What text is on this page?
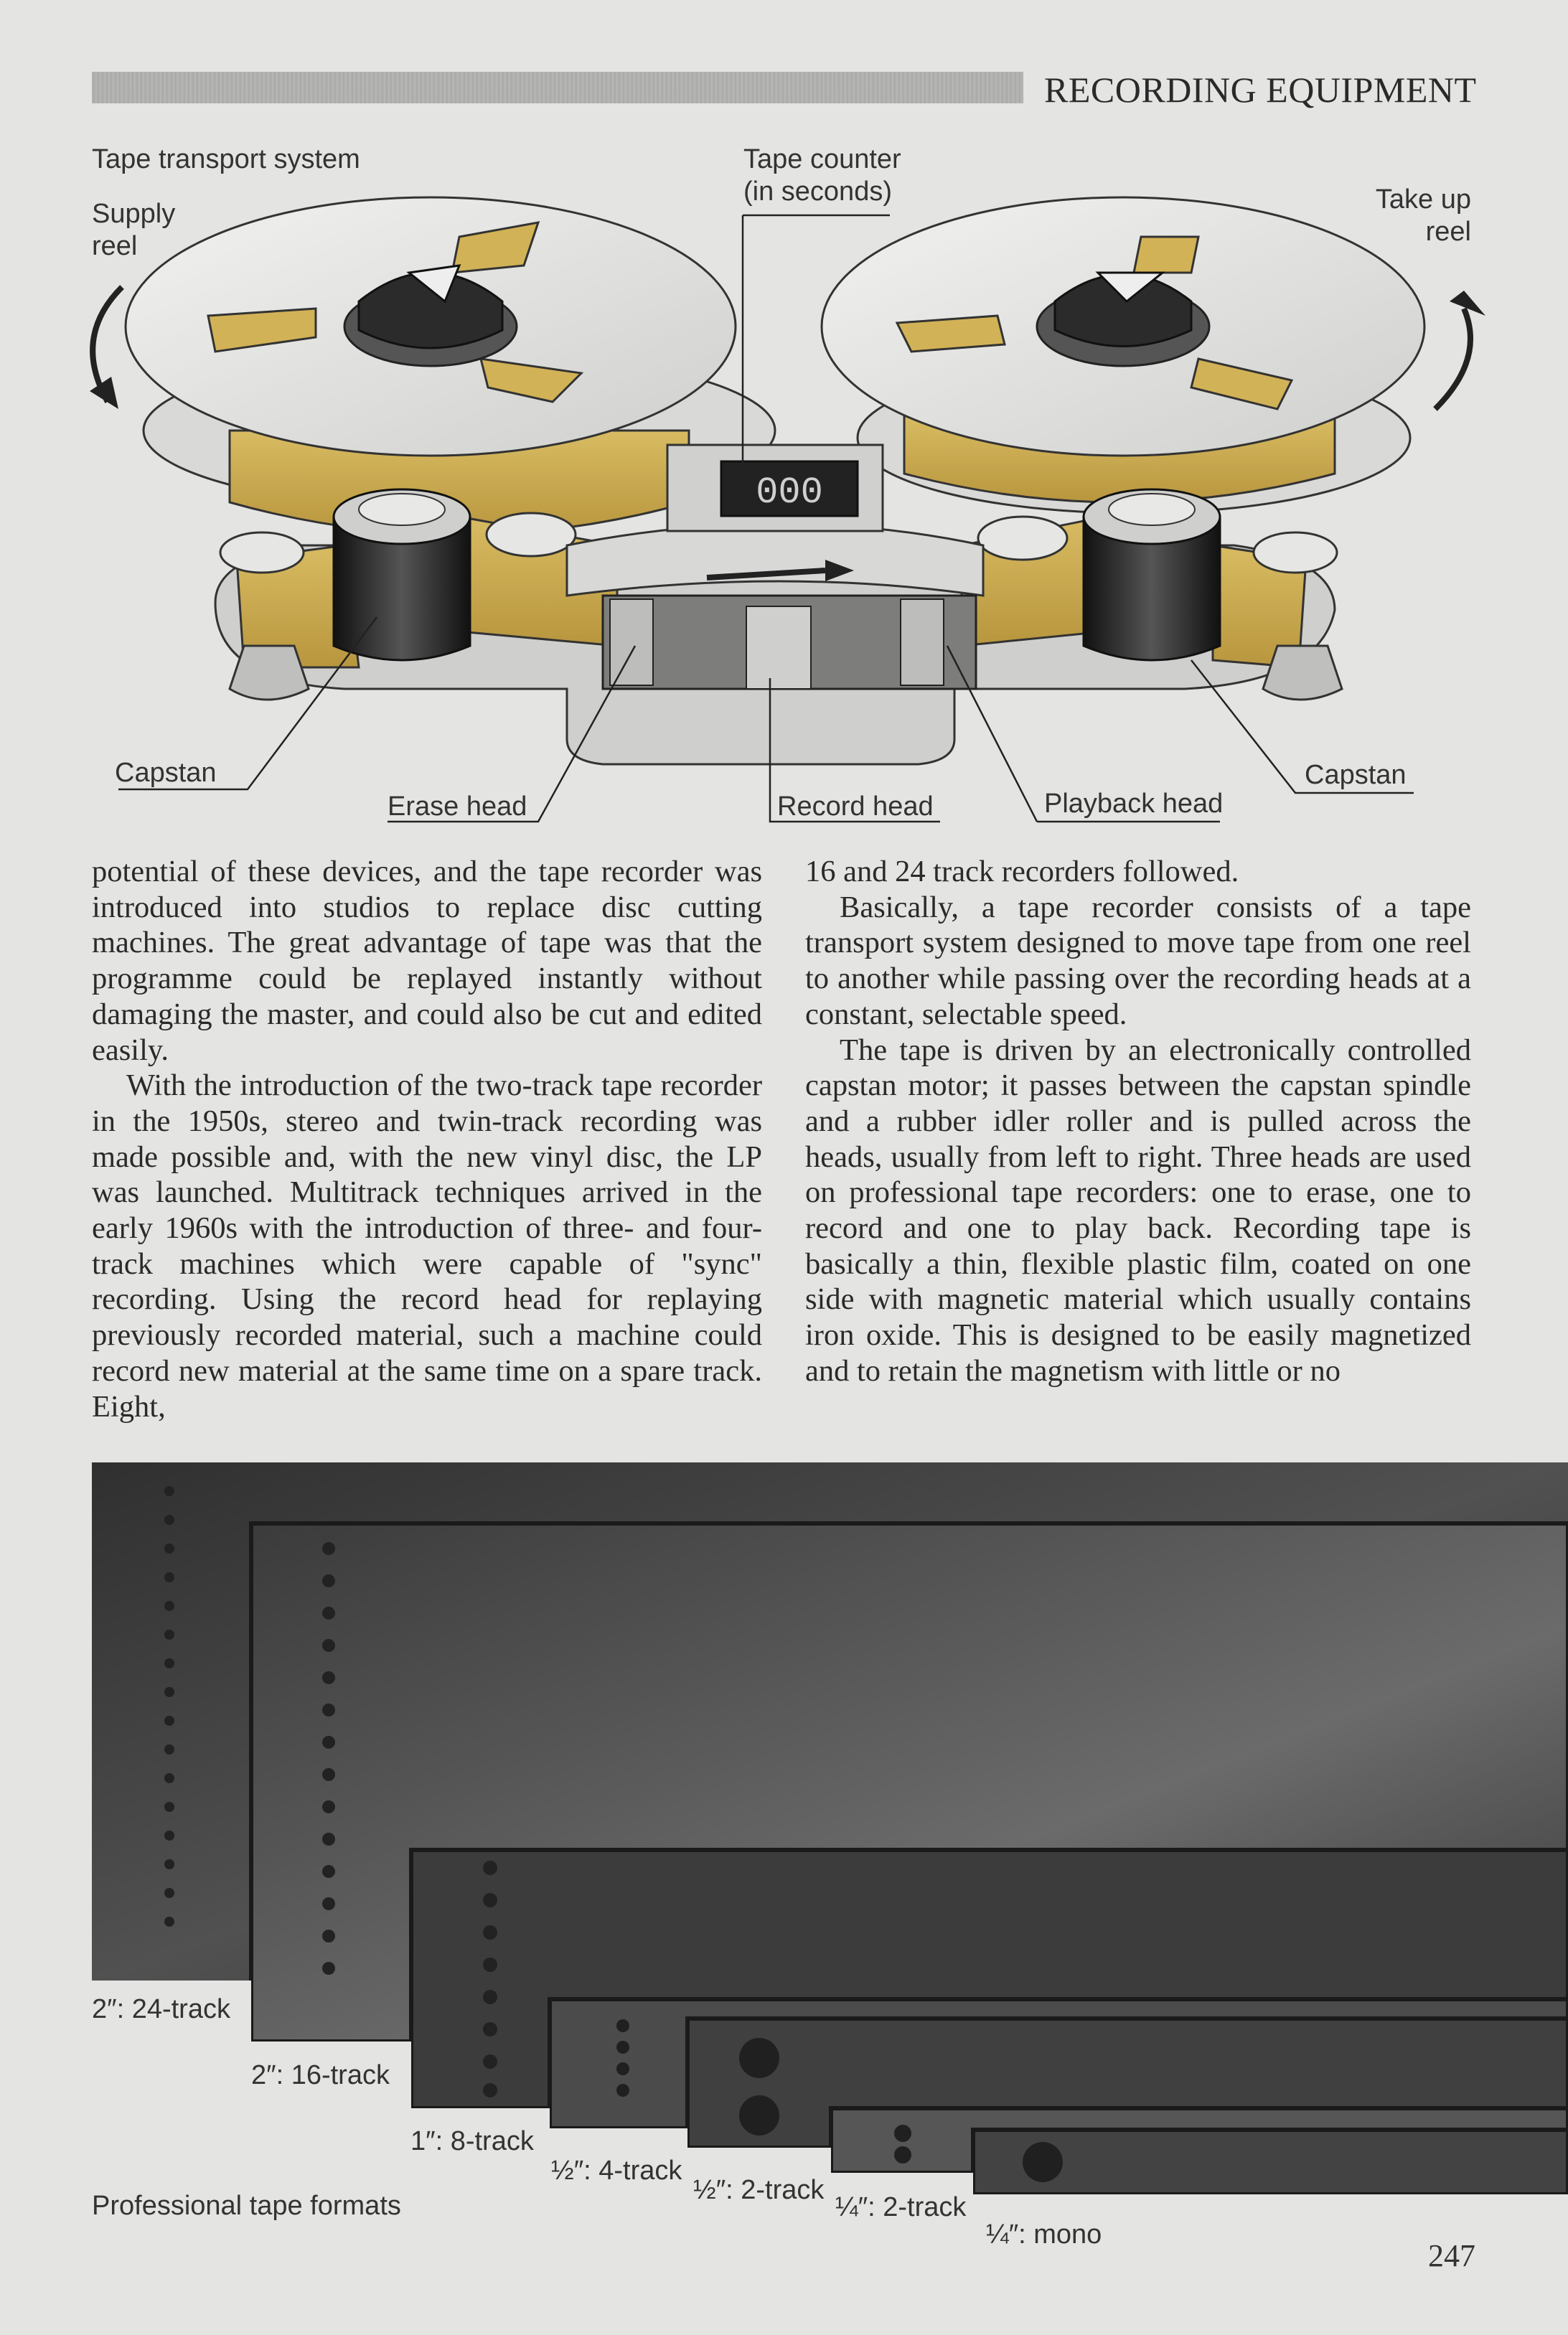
RECORDING EQUIPMENT
000
Tape transport system
Supply
reel
Take up
reel
Tape counter
(in seconds)
Capstan
Erase head	Record head	Playback head
Capstan

potential of these devices, and the tape recorder was introduced into studios to replace disc cutting machines. The great advantage of tape was that the programme could be replayed instantly without damaging the master, and could also be cut and edited easily.

With the introduction of the two-track tape recorder in the 1950s, stereo and twin-track recording was made possible and, with the new vinyl disc, the LP was launched. Multitrack techniques arrived in the early 1960s with the introduction of three- and four-track machines which were capable of "sync" recording. Using the record head for replaying previously recorded material, such a machine could record new material at the same time on a spare track. Eight,

16 and 24 track recorders followed.

Basically, a tape recorder consists of a tape transport system designed to move tape from one reel to another while passing over the recording heads at a constant, selectable speed.

The tape is driven by an electronically controlled capstan motor; it passes between the capstan spindle and a rubber idler roller and is pulled across the heads, usually from left to right. Three heads are used on professional tape recorders: one to erase, one to record and one to play back. Recording tape is basically a thin, flexible plastic film, coated on one side with magnetic material which usually contains iron oxide. This is designed to be easily magnetized and to retain the magnetism with little or no

2″: 24-track
2″: 16-track
1″: 8-track
½″: 4-track
½″: 2-track
¼″: 2-track
¼″: mono
Professional tape formats
247
